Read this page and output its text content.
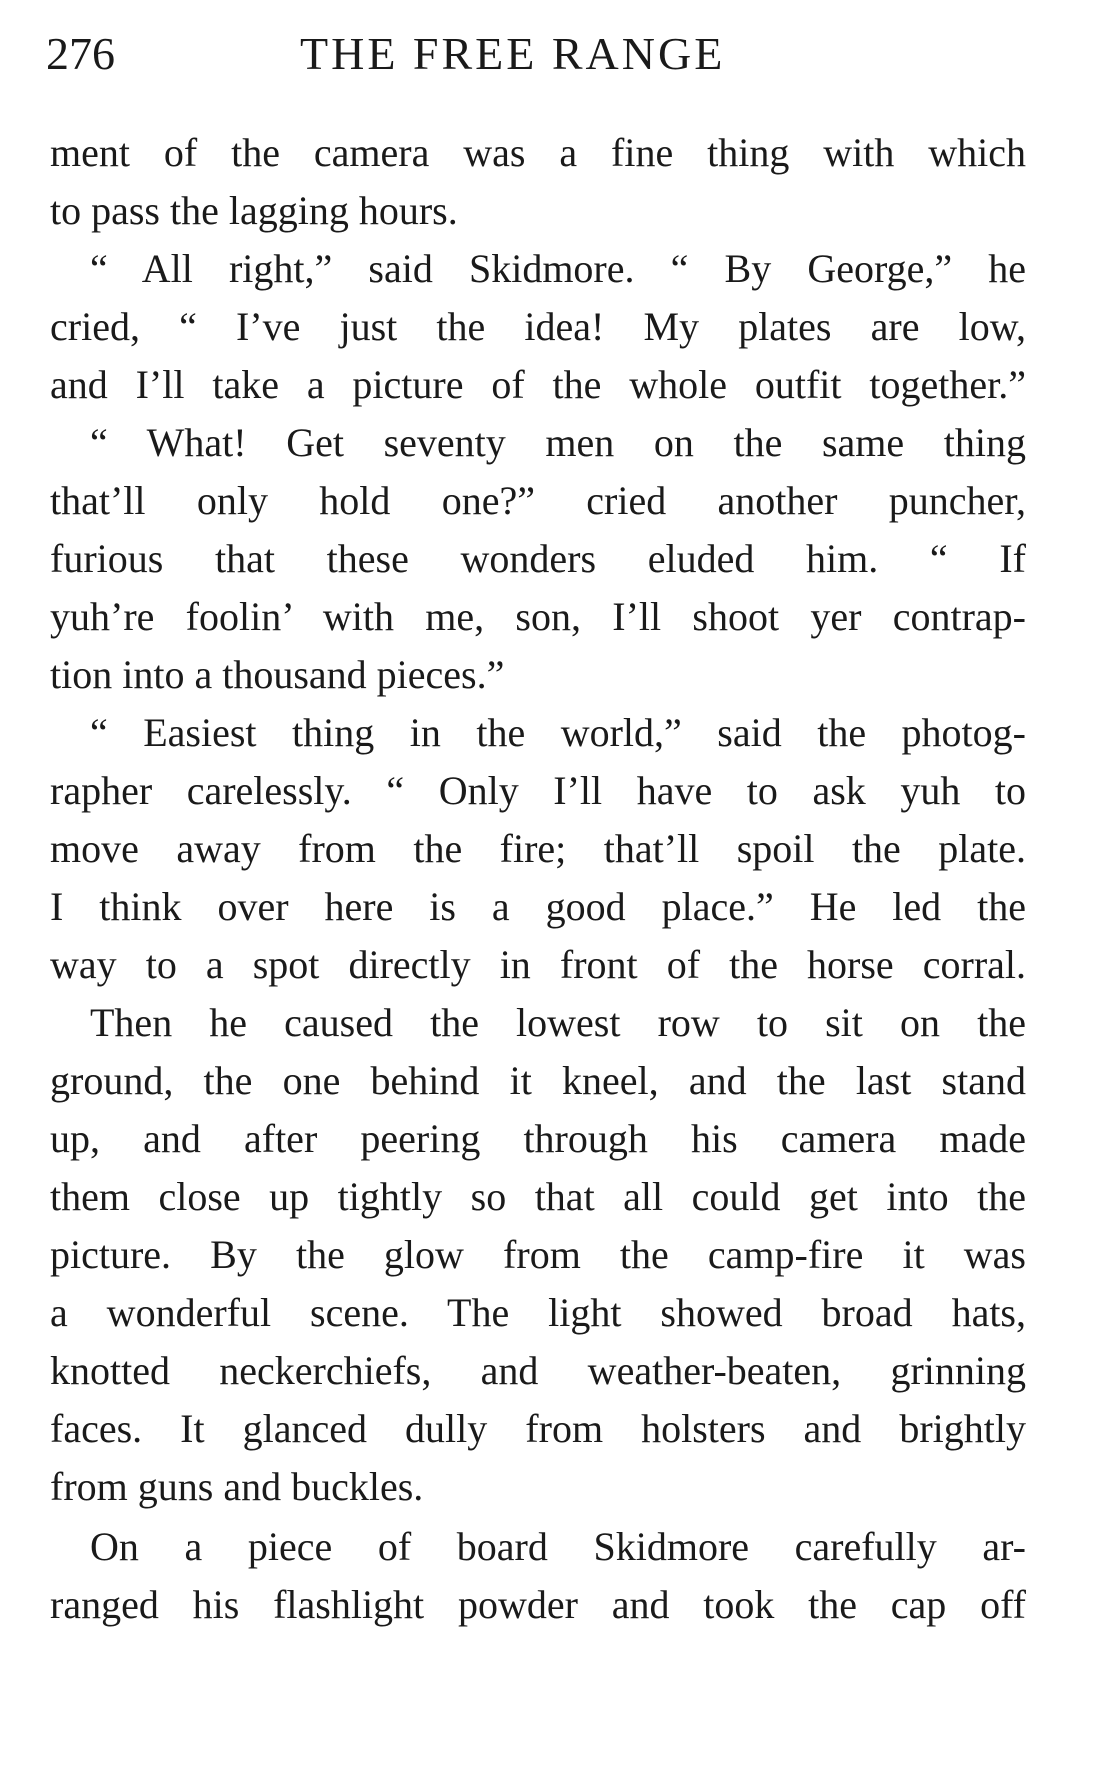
276	THE FREE RANGE
ment of the camera was a fine thing with which
to pass the lagging hours.
“ All right,” said Skidmore. “ By George,” he
cried, “ I’ve just the idea! My plates are low,
and I’ll take a picture of the whole outfit together.”
“ What! Get seventy men on the same thing
that’ll only hold one?” cried another puncher,
furious that these wonders eluded him. “ If
yuh’re foolin’ with me, son, I’ll shoot yer contrap-
tion into a thousand pieces.”
“ Easiest thing in the world,” said the photog-
rapher carelessly. “ Only I’ll have to ask yuh to
move away from the fire; that’ll spoil the plate.
I think over here is a good place.” He led the
way to a spot directly in front of the horse corral.
Then he caused the lowest row to sit on the
ground, the one behind it kneel, and the last stand
up, and after peering through his camera made
them close up tightly so that all could get into the
picture. By the glow from the camp-fire it was
a wonderful scene. The light showed broad hats,
knotted neckerchiefs, and weather-beaten, grinning
faces. It glanced dully from holsters and brightly
from guns and buckles.
On a piece of board Skidmore carefully ar-
ranged his flashlight powder and took the cap off
